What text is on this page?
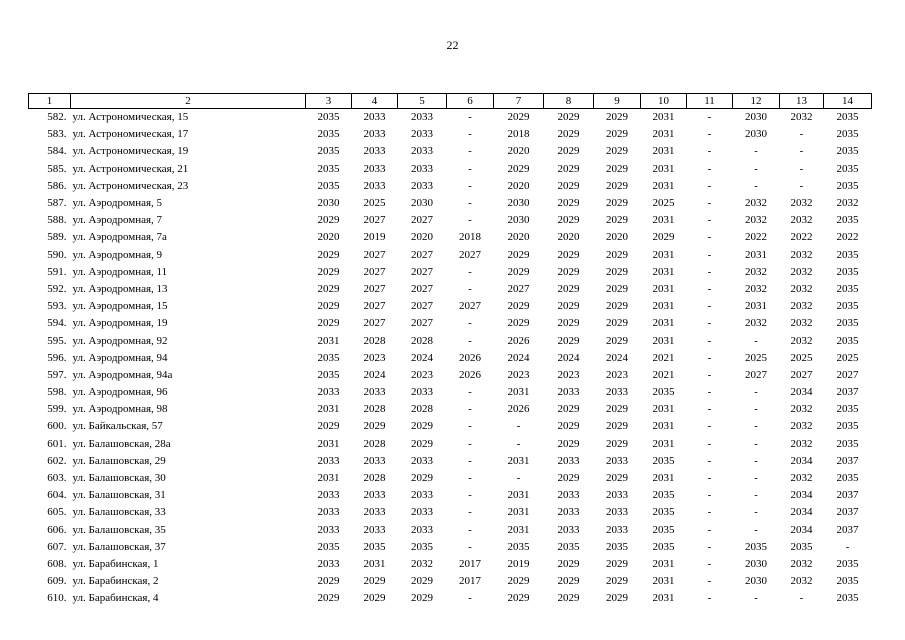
22
1	2	3	4	5	6	7	8	9	10	11	12	13	14
582.	ул. Астрономическая, 15	2035	2033	2033	-	2029	2029	2029	2031	-	2030	2032	2035
583.	ул. Астрономическая, 17	2035	2033	2033	-	2018	2029	2029	2031	-	2030	-	2035
584.	ул. Астрономическая, 19	2035	2033	2033	-	2020	2029	2029	2031	-	-	-	2035
585.	ул. Астрономическая, 21	2035	2033	2033	-	2029	2029	2029	2031	-	-	-	2035
586.	ул. Астрономическая, 23	2035	2033	2033	-	2020	2029	2029	2031	-	-	-	2035
587.	ул. Аэродромная, 5	2030	2025	2030	-	2030	2029	2029	2025	-	2032	2032	2032
588.	ул. Аэродромная, 7	2029	2027	2027	-	2030	2029	2029	2031	-	2032	2032	2035
589.	ул. Аэродромная, 7а	2020	2019	2020	2018	2020	2020	2020	2029	-	2022	2022	2022
590.	ул. Аэродромная, 9	2029	2027	2027	2027	2029	2029	2029	2031	-	2031	2032	2035
591.	ул. Аэродромная, 11	2029	2027	2027	-	2029	2029	2029	2031	-	2032	2032	2035
592.	ул. Аэродромная, 13	2029	2027	2027	-	2027	2029	2029	2031	-	2032	2032	2035
593.	ул. Аэродромная, 15	2029	2027	2027	2027	2029	2029	2029	2031	-	2031	2032	2035
594.	ул. Аэродромная, 19	2029	2027	2027	-	2029	2029	2029	2031	-	2032	2032	2035
595.	ул. Аэродромная, 92	2031	2028	2028	-	2026	2029	2029	2031	-	-	2032	2035
596.	ул. Аэродромная, 94	2035	2023	2024	2026	2024	2024	2024	2021	-	2025	2025	2025
597.	ул. Аэродромная, 94а	2035	2024	2023	2026	2023	2023	2023	2021	-	2027	2027	2027
598.	ул. Аэродромная, 96	2033	2033	2033	-	2031	2033	2033	2035	-	-	2034	2037
599.	ул. Аэродромная, 98	2031	2028	2028	-	2026	2029	2029	2031	-	-	2032	2035
600.	ул. Байкальская, 57	2029	2029	2029	-	-	2029	2029	2031	-	-	2032	2035
601.	ул. Балашовская, 28а	2031	2028	2029	-	-	2029	2029	2031	-	-	2032	2035
602.	ул. Балашовская, 29	2033	2033	2033	-	2031	2033	2033	2035	-	-	2034	2037
603.	ул. Балашовская, 30	2031	2028	2029	-	-	2029	2029	2031	-	-	2032	2035
604.	ул. Балашовская, 31	2033	2033	2033	-	2031	2033	2033	2035	-	-	2034	2037
605.	ул. Балашовская, 33	2033	2033	2033	-	2031	2033	2033	2035	-	-	2034	2037
606.	ул. Балашовская, 35	2033	2033	2033	-	2031	2033	2033	2035	-	-	2034	2037
607.	ул. Балашовская, 37	2035	2035	2035	-	2035	2035	2035	2035	-	2035	2035	-
608.	ул. Барабинская, 1	2033	2031	2032	2017	2019	2029	2029	2031	-	2030	2032	2035
609.	ул. Барабинская, 2	2029	2029	2029	2017	2029	2029	2029	2031	-	2030	2032	2035
610.	ул. Барабинская, 4	2029	2029	2029	-	2029	2029	2029	2031	-	-	-	2035
